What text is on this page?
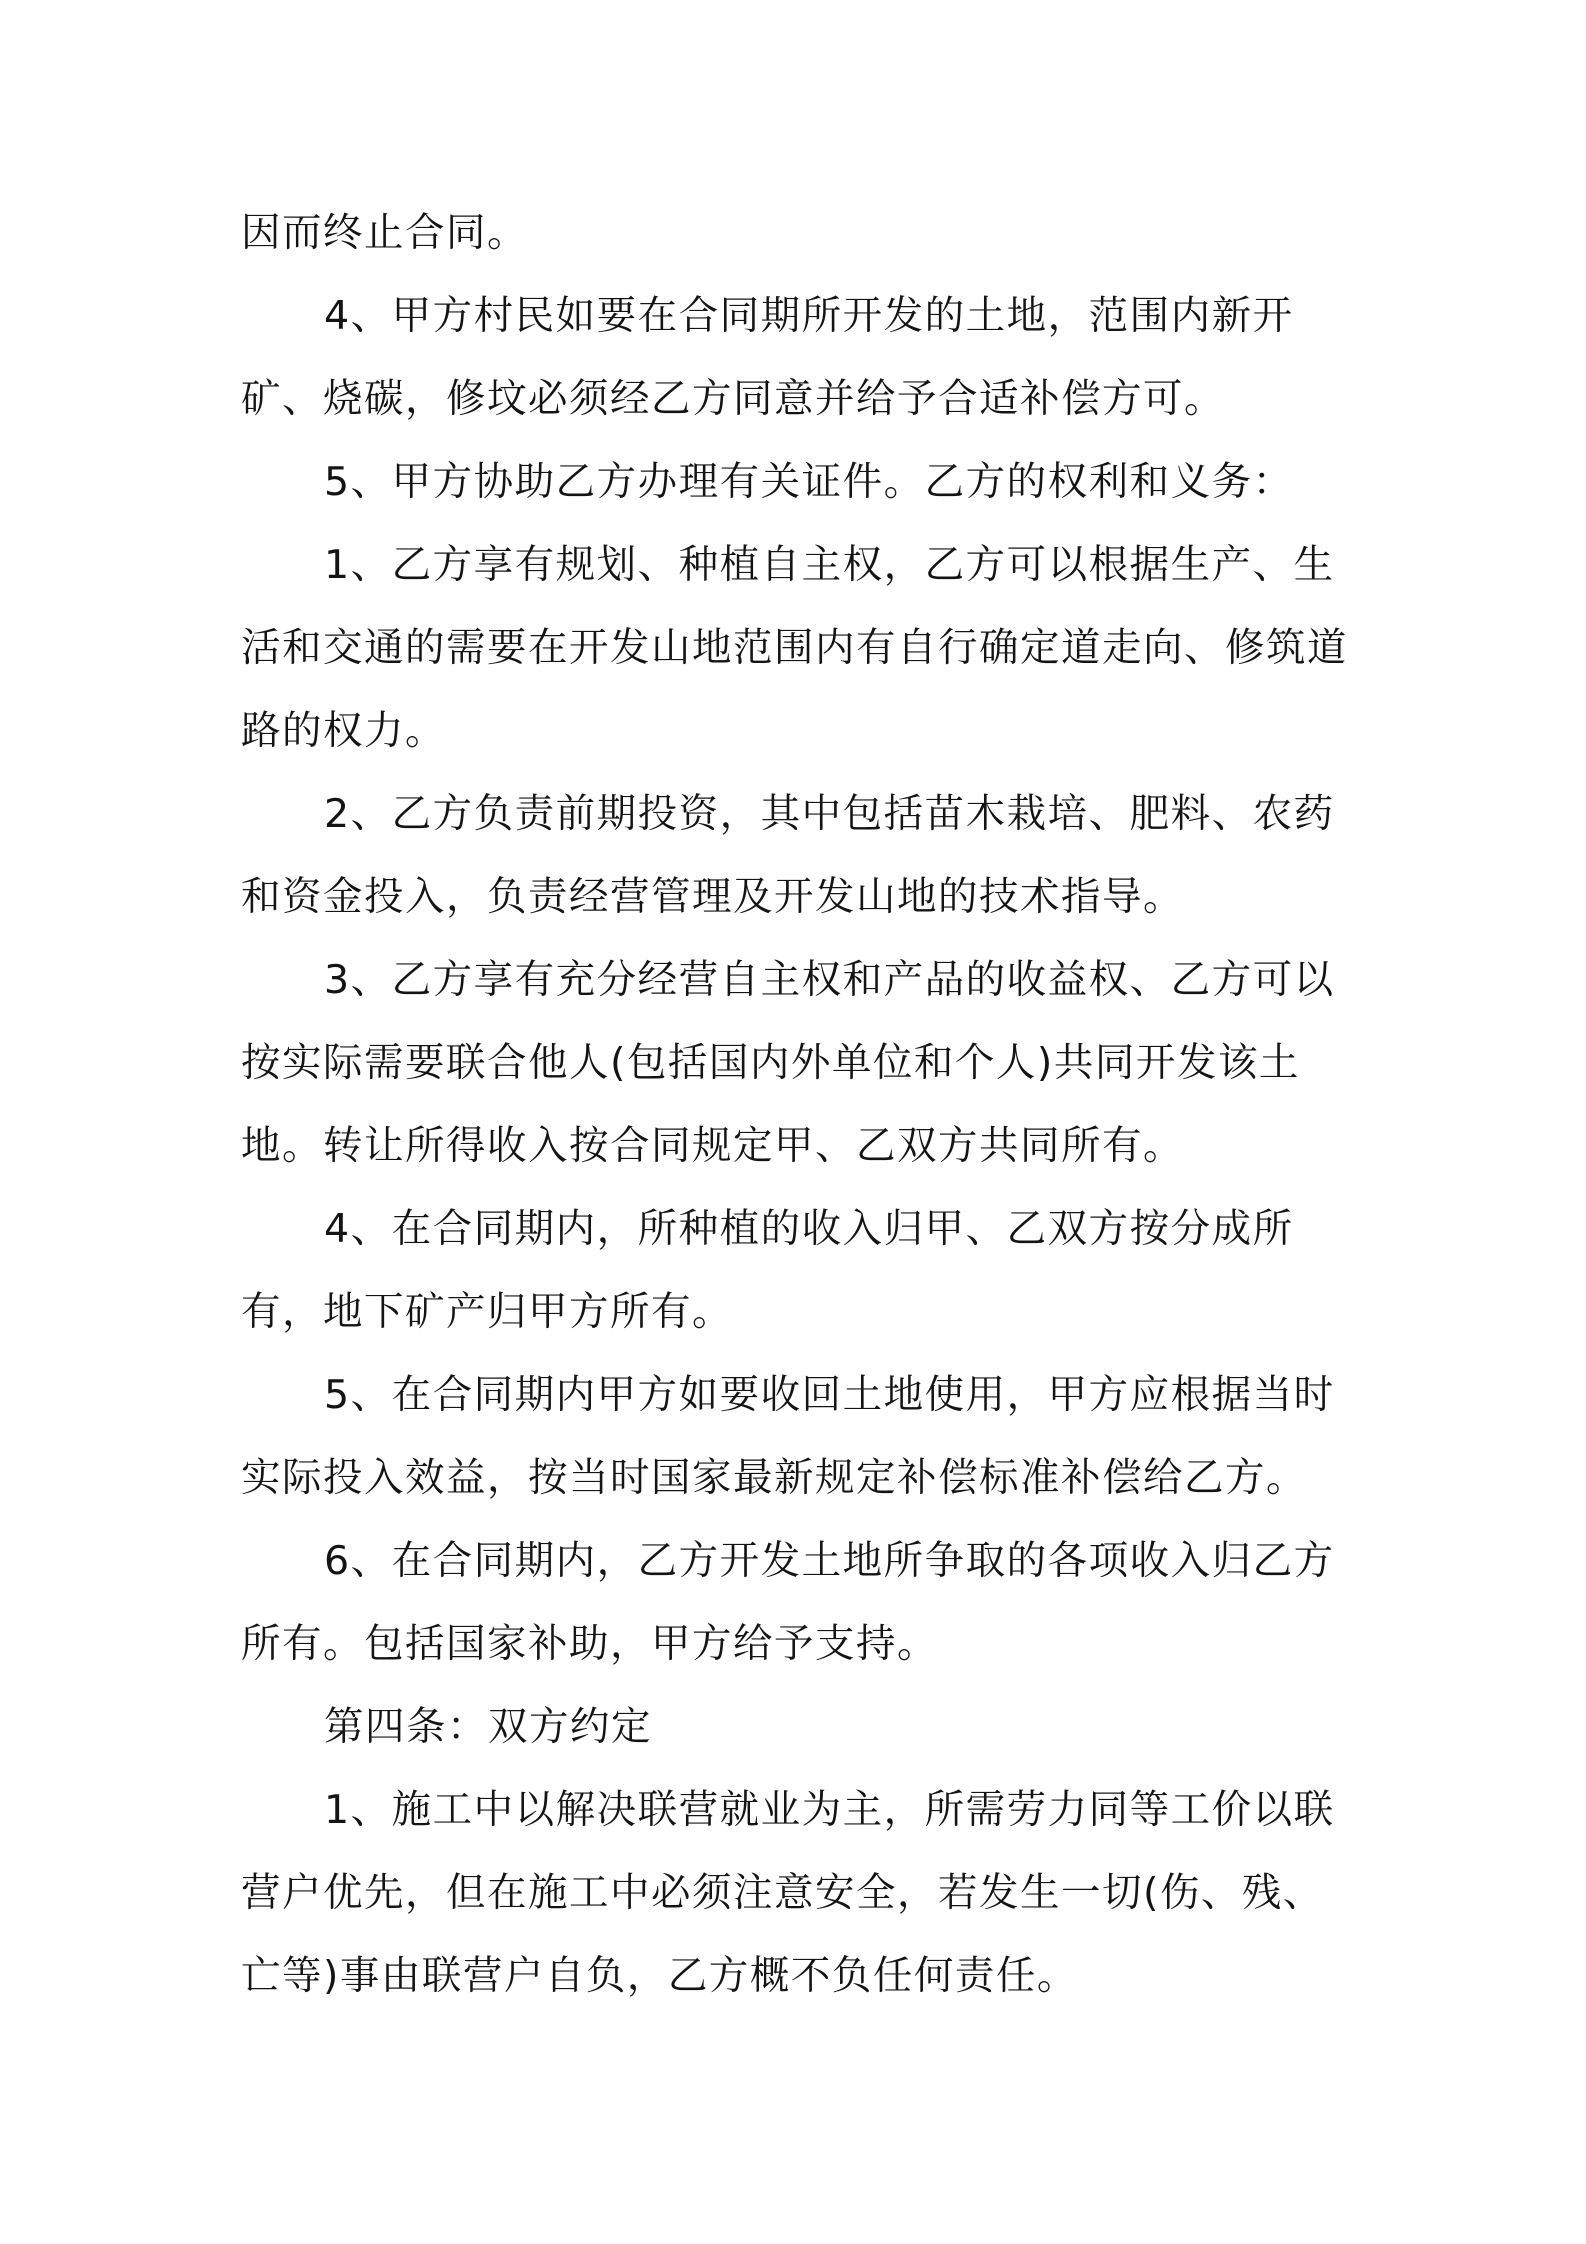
因而终止合同。

4、甲方村民如要在合同期所开发的土地，范围内新开矿、烧碳，修坟必须经乙方同意并给予合适补偿方可。

5、甲方协助乙方办理有关证件。乙方的权利和义务：

1、乙方享有规划、种植自主权，乙方可以根据生产、生活和交通的需要在开发山地范围内有自行确定道走向、修筑道路的权力。

2、乙方负责前期投资，其中包括苗木栽培、肥料、农药和资金投入，负责经营管理及开发山地的技术指导。

3、乙方享有充分经营自主权和产品的收益权、乙方可以按实际需要联合他人(包括国内外单位和个人)共同开发该土地。转让所得收入按合同规定甲、乙双方共同所有。

4、在合同期内，所种植的收入归甲、乙双方按分成所有，地下矿产归甲方所有。

5、在合同期内甲方如要收回土地使用，甲方应根据当时实际投入效益，按当时国家最新规定补偿标准补偿给乙方。

6、在合同期内，乙方开发土地所争取的各项收入归乙方所有。包括国家补助，甲方给予支持。

第四条：双方约定

1、施工中以解决联营就业为主，所需劳力同等工价以联营户优先，但在施工中必须注意安全，若发生一切(伤、残、亡等)事由联营户自负，乙方概不负任何责任。
